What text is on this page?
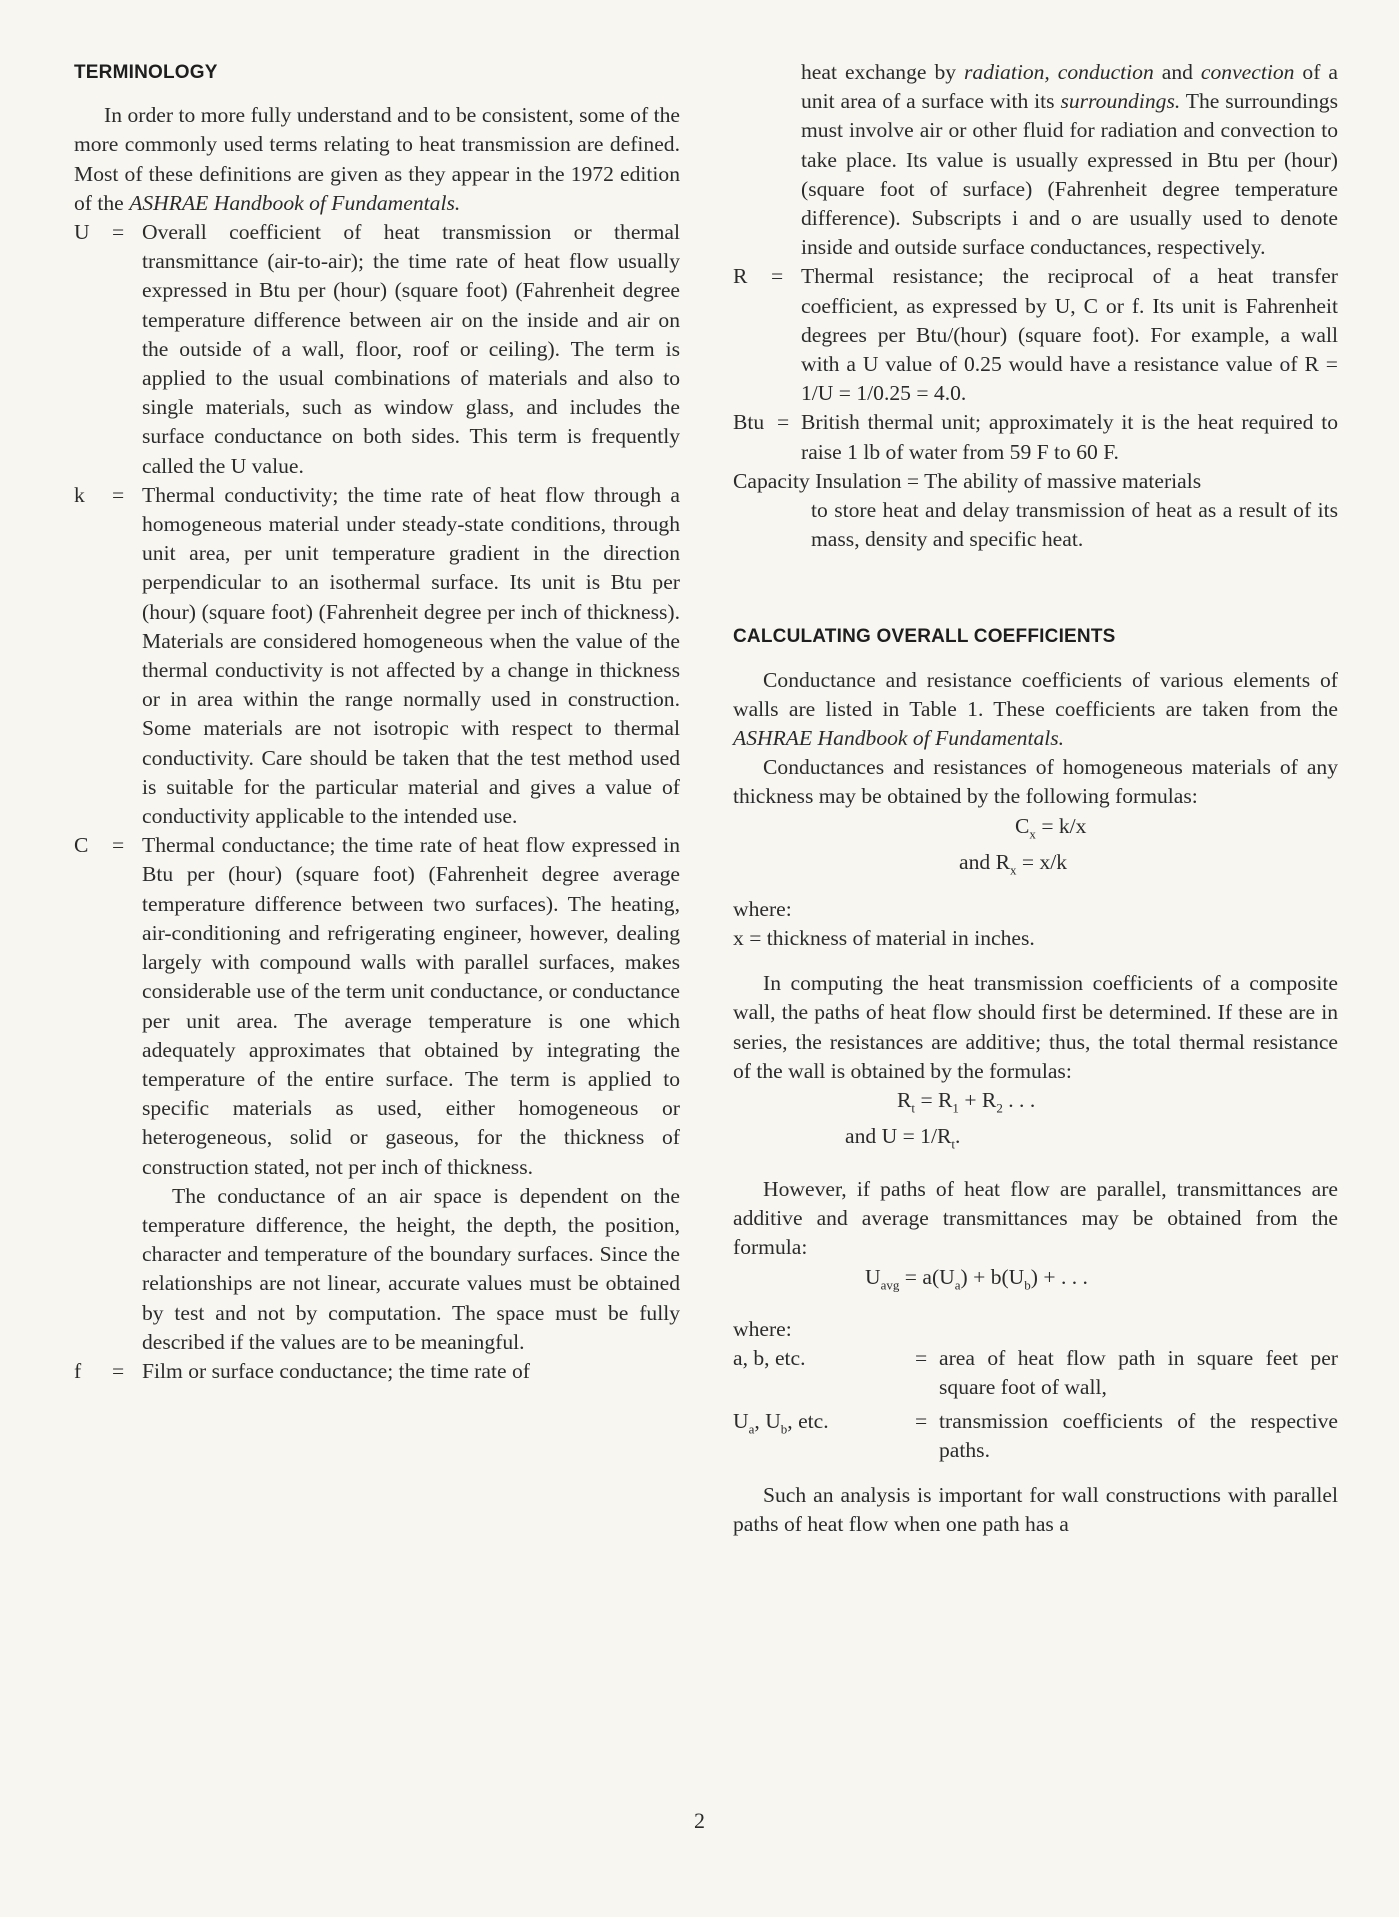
TERMINOLOGY

In order to more fully understand and to be consistent, some of the more commonly used terms relating to heat transmission are defined. Most of these definitions are given as they appear in the 1972 edition of the ASHRAE Handbook of Fundamentals.

U	= Overall coefficient of heat transmission or thermal transmittance (air-to-air); the time rate of heat flow usually expressed in Btu per (hour) (square foot) (Fahrenheit degree temperature difference between air on the inside and air on the outside of a wall, floor, roof or ceiling). The term is applied to the usual combinations of materials and also to single materials, such as window glass, and includes the surface conductance on both sides. This term is frequently called the U value.
k	= Thermal conductivity; the time rate of heat flow through a homogeneous material under steady-state conditions, through unit area, per unit temperature gradient in the direction perpendicular to an isothermal surface. Its unit is Btu per (hour) (square foot) (Fahrenheit degree per inch of thickness). Materials are considered homogeneous when the value of the thermal conductivity is not affected by a change in thickness or in area within the range normally used in construction. Some materials are not isotropic with respect to thermal conductivity. Care should be taken that the test method used is suitable for the particular material and gives a value of conductivity applicable to the intended use.
C	= Thermal conductance; the time rate of heat flow expressed in Btu per (hour) (square foot) (Fahrenheit degree average temperature difference between two surfaces). The heating, air-conditioning and refrigerating engineer, however, dealing largely with compound walls with parallel surfaces, makes considerable use of the term unit conductance, or conductance per unit area. The average temperature is one which adequately approximates that obtained by integrating the temperature of the entire surface. The term is applied to specific materials as used, either homogeneous or heterogeneous, solid or gaseous, for the thickness of construction stated, not per inch of thickness.
The conductance of an air space is dependent on the temperature difference, the height, the depth, the position, character and temperature of the boundary surfaces. Since the relationships are not linear, accurate values must be obtained by test and not by computation. The space must be fully described if the values are to be meaningful.
f	= Film or surface conductance; the time rate of
heat exchange by radiation, conduction and convection of a unit area of a surface with its surroundings. The surroundings must involve air or other fluid for radiation and convection to take place. Its value is usually expressed in Btu per (hour) (square foot of surface) (Fahrenheit degree temperature difference). Subscripts i and o are usually used to denote inside and outside surface conductances, respectively.
R	= Thermal resistance; the reciprocal of a heat transfer coefficient, as expressed by U, C or f. Its unit is Fahrenheit degrees per Btu/(hour) (square foot). For example, a wall with a U value of 0.25 would have a resistance value of R = 1/U = 1/0.25 = 4.0.
Btu = British thermal unit; approximately it is the heat required to raise 1 lb of water from 59 F to 60 F.
Capacity Insulation = The ability of massive materials
to store heat and delay transmission of heat as a result of its mass, density and specific heat.
CALCULATING OVERALL COEFFICIENTS

Conductance and resistance coefficients of various elements of walls are listed in Table 1. These coefficients are taken from the ASHRAE Handbook of Fundamentals.

Conductances and resistances of homogeneous materials of any thickness may be obtained by the following formulas:

$C_x = k/x$
and $R_x = x/k$

where:

x = thickness of material in inches.

In computing the heat transmission coefficients of a composite wall, the paths of heat flow should first be determined. If these are in series, the resistances are additive; thus, the total thermal resistance of the wall is obtained by the formulas:

$R_t = R_1 + R_2$ . . .
and $U = 1/R_t$.

However, if paths of heat flow are parallel, transmittances are additive and average transmittances may be obtained from the formula:

$U_{avg} = a(U_a) + b(U_b)$ + . . .

where:

a, b, etc.	= area of heat flow path in square feet per square foot of wall,
$U_a$, $U_b$, etc.	= transmission coefficients of the respective paths.

Such an analysis is important for wall constructions with parallel paths of heat flow when one path has a

2
